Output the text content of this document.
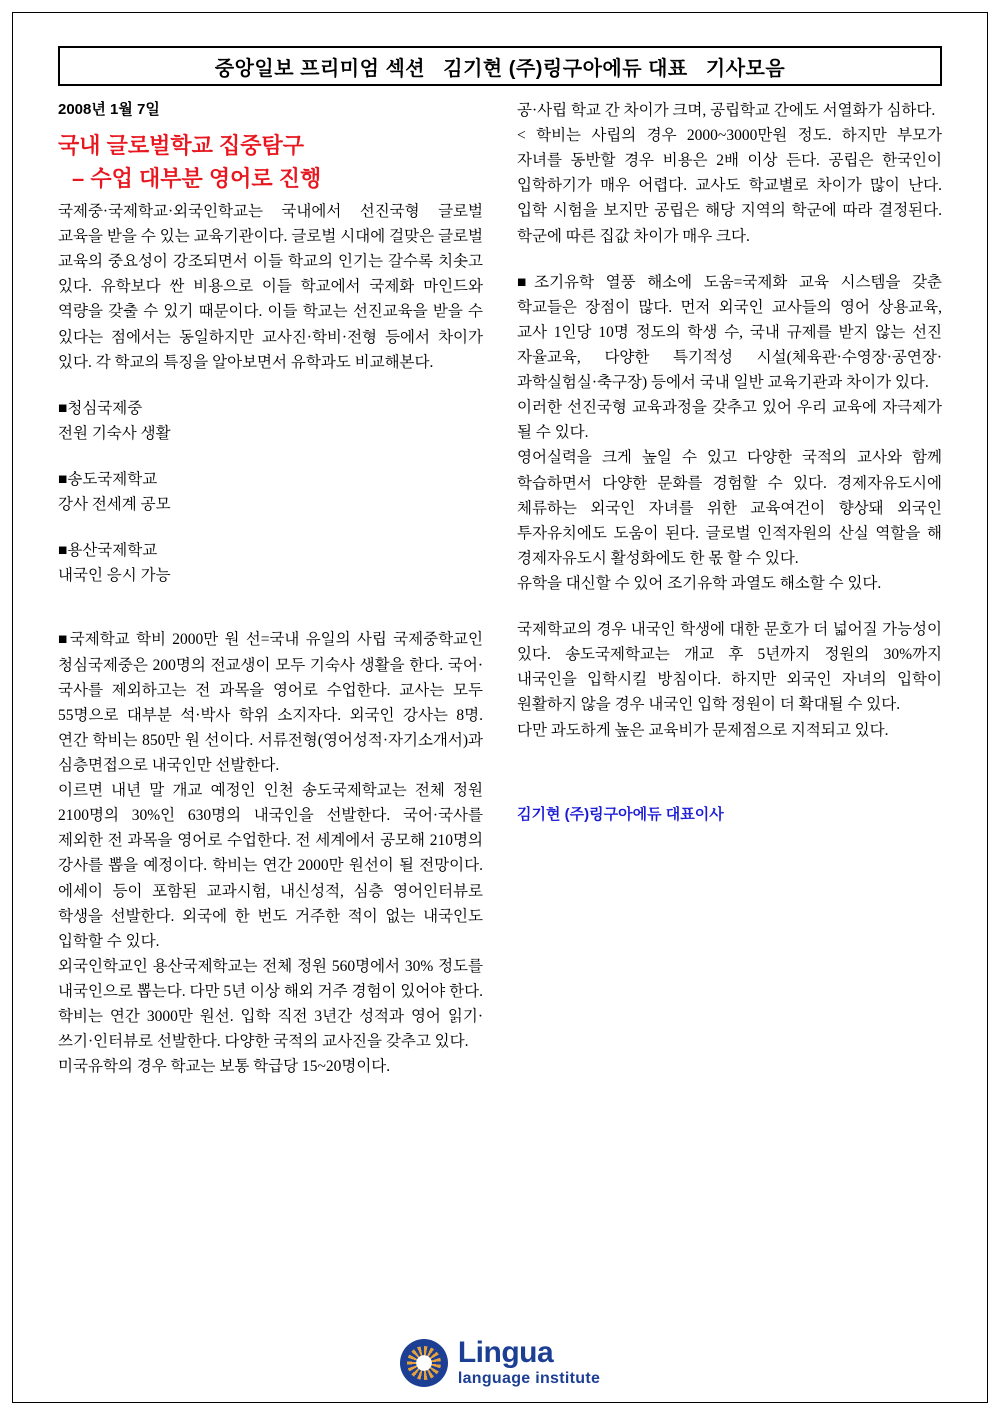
중앙일보 프리미엄 섹션   김기현 (주)링구아에듀 대표   기사모음
2008년 1월 7일
국내 글로벌학교 집중탐구
– 수업 대부분 영어로 진행

국제중·국제학교·외국인학교는 국내에서 선진국형 글로벌 교육을 받을 수 있는 교육기관이다. 글로벌 시대에 걸맞은 글로벌 교육의 중요성이 강조되면서 이들 학교의 인기는 갈수록 치솟고 있다. 유학보다 싼 비용으로 이들 학교에서 국제화 마인드와 역량을 갖출 수 있기 때문이다. 이들 학교는 선진교육을 받을 수 있다는 점에서는 동일하지만 교사진·학비·전형 등에서 차이가 있다. 각 학교의 특징을 알아보면서 유학과도 비교해본다.

■청심국제중

전원 기숙사 생활

■송도국제학교

강사 전세계 공모

■용산국제학교

내국인 응시 가능

■국제학교 학비 2000만 원 선=국내 유일의 사립 국제중학교인 청심국제중은 200명의 전교생이 모두 기숙사 생활을 한다. 국어·국사를 제외하고는 전 과목을 영어로 수업한다. 교사는 모두 55명으로 대부분 석·박사 학위 소지자다. 외국인 강사는 8명. 연간 학비는 850만 원 선이다. 서류전형(영어성적·자기소개서)과 심층면접으로 내국인만 선발한다.

이르면 내년 말 개교 예정인 인천 송도국제학교는 전체 정원 2100명의 30%인 630명의 내국인을 선발한다. 국어·국사를 제외한 전 과목을 영어로 수업한다. 전 세계에서 공모해 210명의 강사를 뽑을 예정이다. 학비는 연간 2000만 원선이 될 전망이다. 에세이 등이 포함된 교과시험, 내신성적, 심층 영어인터뷰로 학생을 선발한다. 외국에 한 번도 거주한 적이 없는 내국인도 입학할 수 있다.

외국인학교인 용산국제학교는 전체 정원 560명에서 30% 정도를 내국인으로 뽑는다. 다만 5년 이상 해외 거주 경험이 있어야 한다. 학비는 연간 3000만 원선. 입학 직전 3년간 성적과 영어 읽기·쓰기·인터뷰로 선발한다. 다양한 국적의 교사진을 갖추고 있다.

미국유학의 경우 학교는 보통 학급당 15~20명이다.

공·사립 학교 간 차이가 크며, 공립학교 간에도 서열화가 심하다.

< 학비는 사립의 경우 2000~3000만원 정도. 하지만 부모가 자녀를 동반할 경우 비용은 2배 이상 든다. 공립은 한국인이 입학하기가 매우 어렵다. 교사도 학교별로 차이가 많이 난다. 입학 시험을 보지만 공립은 해당 지역의 학군에 따라 결정된다. 학군에 따른 집값 차이가 매우 크다.

■조기유학 열풍 해소에 도움=국제화 교육 시스템을 갖춘 학교들은 장점이 많다. 먼저 외국인 교사들의 영어 상용교육, 교사 1인당 10명 정도의 학생 수, 국내 규제를 받지 않는 선진 자율교육, 다양한 특기적성 시설(체육관·수영장·공연장·과학실험실·축구장) 등에서 국내 일반 교육기관과 차이가 있다.

이러한 선진국형 교육과정을 갖추고 있어 우리 교육에 자극제가 될 수 있다.

영어실력을 크게 높일 수 있고 다양한 국적의 교사와 함께 학습하면서 다양한 문화를 경험할 수 있다. 경제자유도시에 체류하는 외국인 자녀를 위한 교육여건이 향상돼 외국인 투자유치에도 도움이 된다. 글로벌 인적자원의 산실 역할을 해 경제자유도시 활성화에도 한 몫 할 수 있다.

유학을 대신할 수 있어 조기유학 과열도 해소할 수 있다.

국제학교의 경우 내국인 학생에 대한 문호가 더 넓어질 가능성이 있다. 송도국제학교는 개교 후 5년까지 정원의 30%까지 내국인을 입학시킬 방침이다. 하지만 외국인 자녀의 입학이 원활하지 않을 경우 내국인 입학 정원이 더 확대될 수 있다.

다만 과도하게 높은 교육비가 문제점으로 지적되고 있다.

김기현 (주)링구아에듀 대표이사
Lingua
language institute
